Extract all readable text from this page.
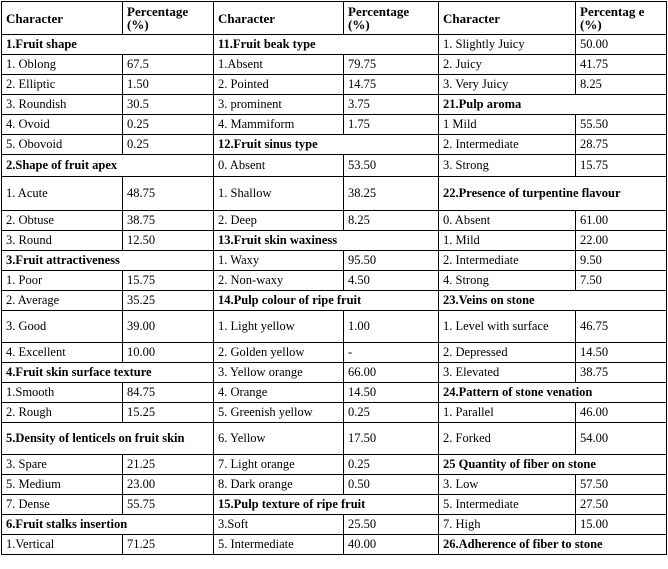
Character	Percentage (%)	Character	Percentage (%)	Character	Percentag e (%)
1.Fruit shape		11.Fruit beak type		1. Slightly Juicy	50.00
1. Oblong	67.5	1.Absent	79.75	2. Juicy	41.75
2. Elliptic	1.50	2. Pointed	14.75	3. Very Juicy	8.25
3. Roundish	30.5	3. prominent	3.75	21.Pulp aroma	
4. Ovoid	0.25	4. Mammiform	1.75	1 Mild	55.50
5. Obovoid	0.25	12.Fruit sinus type		2. Intermediate	28.75
2.Shape of fruit apex		0. Absent	53.50	3. Strong	15.75
1. Acute	48.75	1. Shallow	38.25	22.Presence of turpentine flavour	
2. Obtuse	38.75	2. Deep	8.25	0. Absent	61.00
3. Round	12.50	13.Fruit skin waxiness		1. Mild	22.00
3.Fruit attractiveness		1. Waxy	95.50	2. Intermediate	9.50
1. Poor	15.75	2. Non-waxy	4.50	4. Strong	7.50
2. Average	35.25	14.Pulp colour of ripe fruit		23.Veins on stone	
3. Good	39.00	1. Light yellow	1.00	1. Level with surface	46.75
4. Excellent	10.00	2. Golden yellow	-	2. Depressed	14.50
4.Fruit skin surface texture		3. Yellow orange	66.00	3. Elevated	38.75
1.Smooth	84.75	4. Orange	14.50	24.Pattern of stone venation	
2. Rough	15.25	5. Greenish yellow	0.25	1. Parallel	46.00
5.Density of lenticels on fruit skin		6. Yellow	17.50	2. Forked	54.00
3. Spare	21.25	7. Light orange	0.25	25 Quantity of fiber on stone	
5. Medium	23.00	8. Dark orange	0.50	3. Low	57.50
7. Dense	55.75	15.Pulp texture of ripe fruit		5. Intermediate	27.50
6.Fruit stalks insertion		3.Soft	25.50	7. High	15.00
1.Vertical	71.25	5. Intermediate	40.00	26.Adherence of fiber to stone	
